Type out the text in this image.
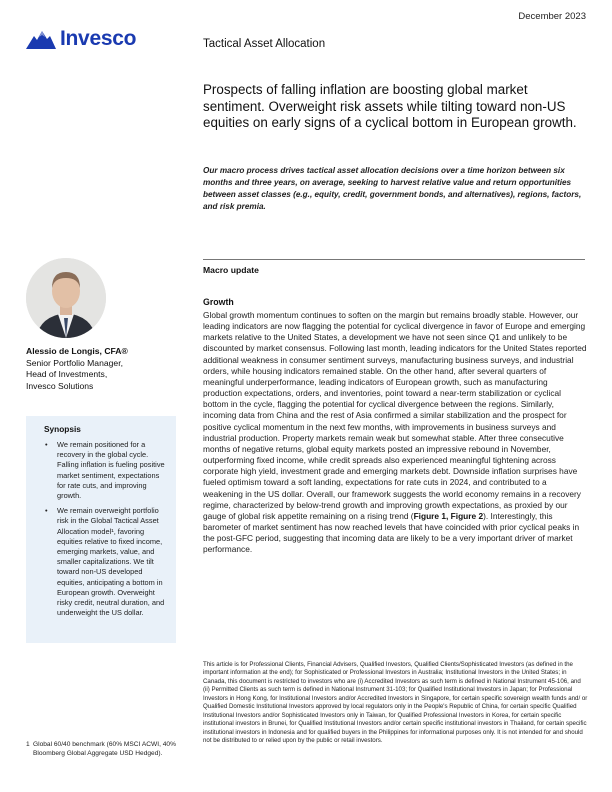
December 2023
Invesco	Tactical Asset Allocation
Prospects of falling inflation are boosting global market sentiment. Overweight risk assets while tilting toward non-US equities on early signs of a cyclical bottom in European growth.
Our macro process drives tactical asset allocation decisions over a time horizon between six months and three years, on average, seeking to harvest relative value and return opportunities between asset classes (e.g., equity, credit, government bonds, and alternatives), regions, factors, and risk premia.
Macro update
Alessio de Longis, CFA®
Senior Portfolio Manager,
Head of Investments,
Invesco Solutions
Synopsis
• We remain positioned for a recovery in the global cycle. Falling inflation is fueling positive market sentiment, expectations for rate cuts, and improving growth.
• We remain overweight portfolio risk in the Global Tactical Asset Allocation model¹, favoring equities relative to fixed income, emerging markets, value, and smaller capitalizations. We tilt toward non-US developed equities, anticipating a bottom in European growth. Overweight risky credit, neutral duration, and underweight the US dollar.
1 Global 60/40 benchmark (60% MSCI ACWI, 40% Bloomberg Global Aggregate USD Hedged).
Growth
Global growth momentum continues to soften on the margin but remains broadly stable. However, our leading indicators are now flagging the potential for cyclical divergence in favor of Europe and emerging markets relative to the United States, a development we have not seen since Q1 and unlikely to be discounted by market consensus. Following last month, leading indicators for the United States reported additional weakness in consumer sentiment surveys, manufacturing business surveys, and industrial orders, while housing indicators remained stable. On the other hand, after several quarters of meaningful underperformance, leading indicators of European growth, such as manufacturing production expectations, orders, and inventories, point toward a near-term stabilization or cyclical bottom in the cycle, flagging the potential for cyclical divergence between the regions. Similarly, incoming data from China and the rest of Asia confirmed a similar stabilization and the prospect for positive cyclical momentum in the next few months, with improvements in business surveys and industrial production. Property markets remain weak but somewhat stable. After three consecutive months of negative returns, global equity markets posted an impressive rebound in November, outperforming fixed income, while credit spreads also experienced meaningful tightening across corporate high yield, investment grade and emerging markets debt. Downside inflation surprises have fueled optimism toward a soft landing, expectations for rate cuts in 2024, and contributed to a weakening in the US dollar. Overall, our framework suggests the world economy remains in a recovery regime, characterized by below-trend growth and improving growth expectations, as proxied by our gauge of global risk appetite remaining on a rising trend (Figure 1, Figure 2). Interestingly, this barometer of market sentiment has now reached levels that have coincided with prior cyclical peaks in the post-GFC period, suggesting that incoming data are likely to be a very important driver of market performance.
This article is for Professional Clients, Financial Advisers, Qualified Investors, Qualified Clients/Sophisticated Investors (as defined in the important information at the end); for Sophisticated or Professional Investors in Australia; Institutional Investors in the United States; in Canada, this document is restricted to investors who are (i) Accredited Investors as such term is defined in National Instrument 45-106, and (ii) Permitted Clients as such term is defined in National Instrument 31-103; for Qualified Institutional Investors in Japan; for Professional Investors in Hong Kong, for Institutional Investors and/or Accredited Investors in Singapore, for certain specific sovereign wealth funds and/ or Qualified Domestic Institutional Investors approved by local regulators only in the People's Republic of China, for certain specific Qualified Institutional Investors and/or Sophisticated Investors only in Taiwan, for Qualified Professional Investors in Korea, for certain specific institutional investors in Brunei, for Qualified Institutional Investors and/or certain specific institutional investors in Thailand, for certain specific institutional investors in Indonesia and for qualified buyers in the Philippines for informational purposes only. It is not intended for and should not be distributed to or relied upon by the public or retail investors.
